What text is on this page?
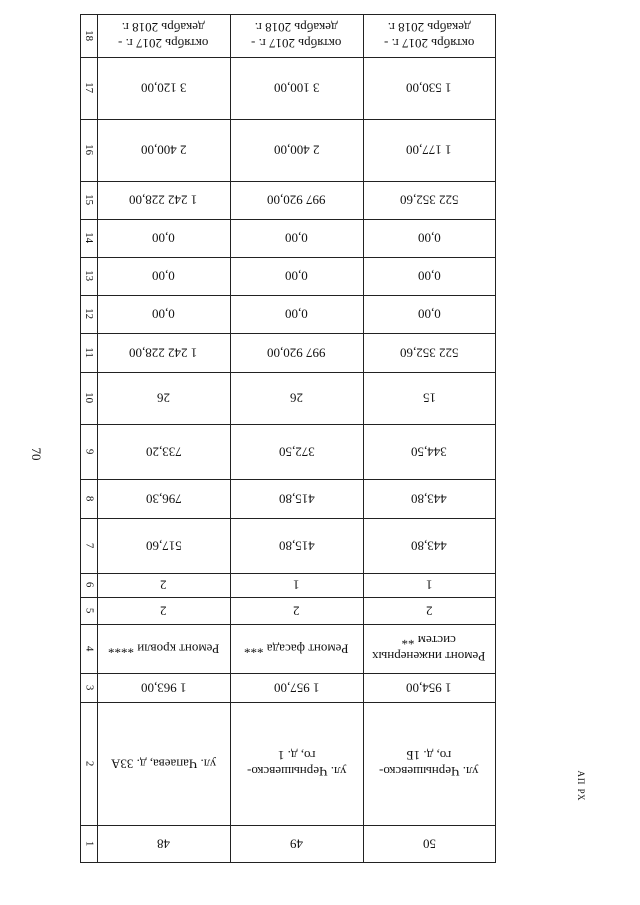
70
АП РХ
1
2
3
4
5
6
7
8
9
10
11
12
13
14
15
16
17
18
48
ул. Чапаева, д. 33А
1 963,00
Ремонт кровли ****
2
2
517,60
796,30
733,20
26
1 242 228,00
0,00
0,00
0,00
1 242 228,00
2 400,00
3 120,00
октябрь 2017 г. -
декабрь 2018 г.
49
ул. Чернышевско-
го, д. 1
1 957,00
Ремонт фасада ***
2
1
415,80
415,80
372,50
26
997 920,00
0,00
0,00
0,00
997 920,00
2 400,00
3 100,00
октябрь 2017 г. -
декабрь 2018 г.
50
ул. Чернышевско-
го, д. 1Б
1 954,00
Ремонт инженерных
систем **
2
1
443,80
443,80
344,50
15
522 352,60
0,00
0,00
0,00
522 352,60
1 177,00
1 530,00
октябрь 2017 г. -
декабрь 2018 г.
